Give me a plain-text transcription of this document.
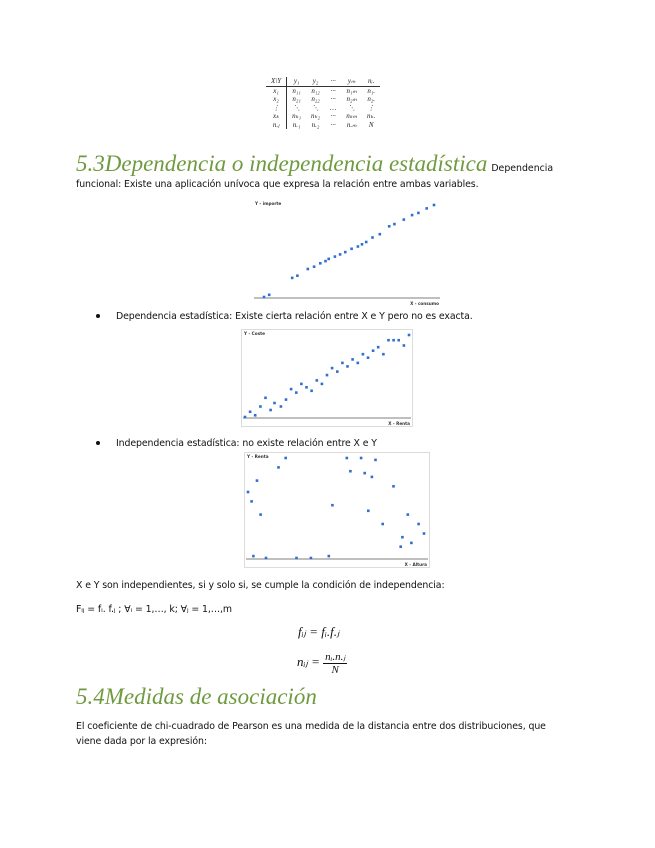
X\Y	y₁	y₂	···	yₘ	nᵢ.
x₁	n₁₁	n₁₂	···	n₁ₘ	n₁.
x₂	n₂₁	n₂₂	···	n₂ₘ	n₂.
⋮	⋱	⋱	…	⋱	⋮
xₖ	nₖ₁	nₖ₂	···	nₖₘ	nₖ.
n.ⱼ	n.₁	n.₂	···	n.ₘ	N
5.3Dependencia o independencia estadística Dependencia
funcional: Existe una aplicación unívoca que expresa la relación entre ambas variables.
Y - importe
X - consumo
Dependencia estadística: Existe cierta relación entre X e Y pero no es exacta.
Y - Coste
X - Renta
Independencia estadística: no existe relación entre X e Y
Y - Renta
X - Altura
X e Y son independientes, si y solo si, se cumple la condición de independencia:
Fᵢⱼ = fᵢ. f.ⱼ ; ∀ᵢ = 1,…, k; ∀ⱼ = 1,…,m
fᵢⱼ = fᵢ.f.ⱼ
nᵢⱼ = $\frac{\text{nᵢ.n.ⱼ}}{N}$
5.4Medidas de asociación
El coeficiente de chi-cuadrado de Pearson es una medida de la distancia entre dos distribuciones, que
viene dada por la expresión:
